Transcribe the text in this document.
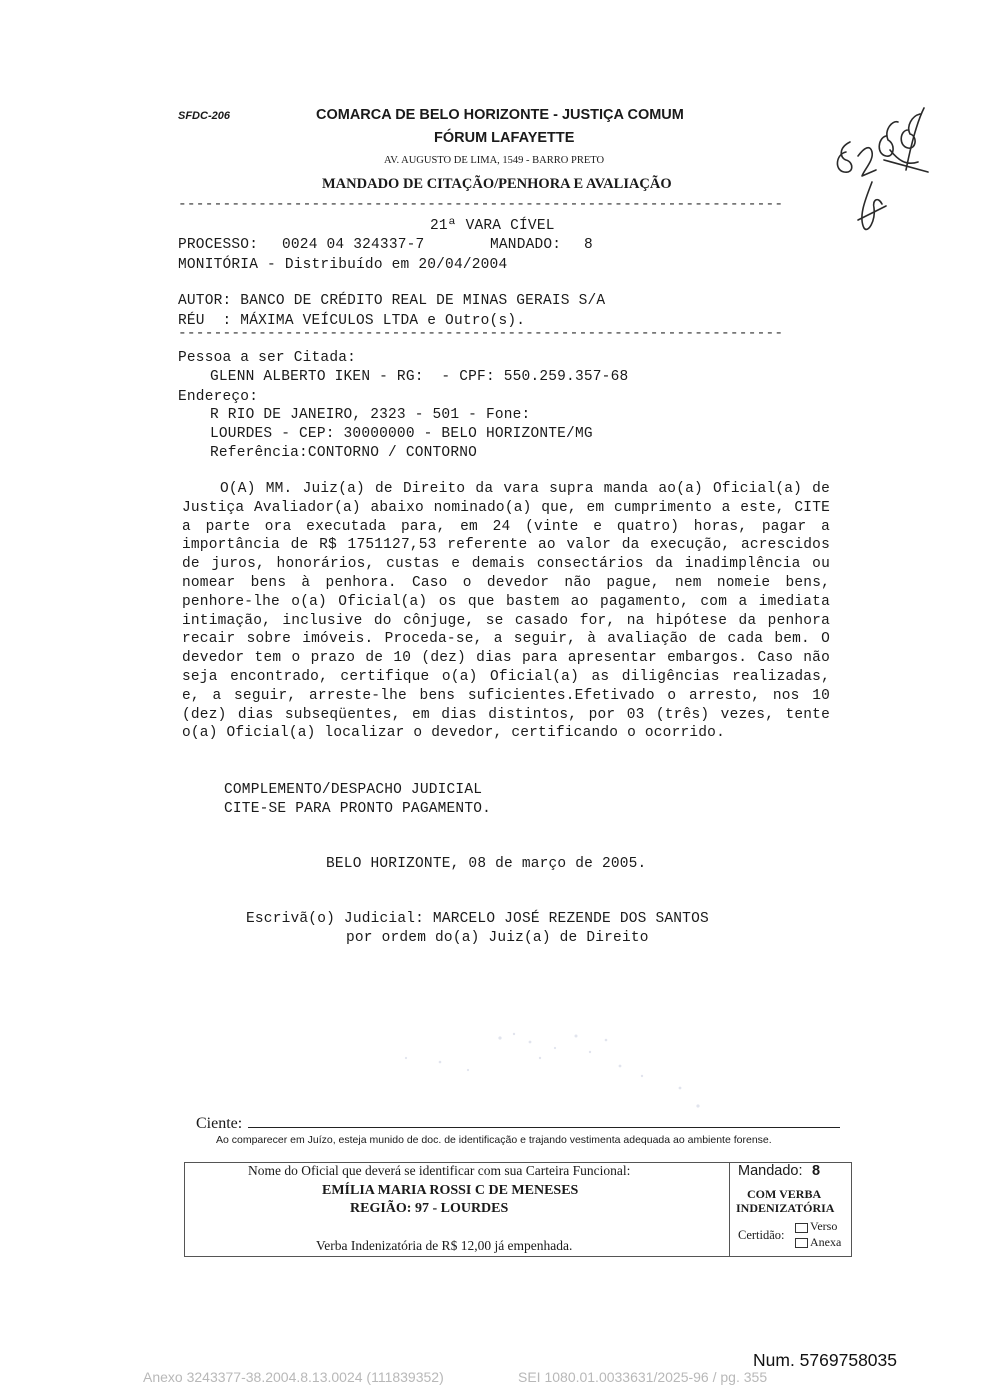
SFDC-206	COMARCA DE BELO HORIZONTE - JUSTIÇA COMUM
FÓRUM LAFAYETTE
AV. AUGUSTO DE LIMA, 1549 - BARRO PRETO
MANDADO DE CITAÇÃO/PENHORA E AVALIAÇÃO
--------------------------------------------------------------------
21ª VARA CÍVEL
PROCESSO: 0024 04 324337-7	MANDADO: 8
MONITÓRIA - Distribuído em 20/04/2004
AUTOR: BANCO DE CRÉDITO REAL DE MINAS GERAIS S/A
RÉU  : MÁXIMA VEÍCULOS LTDA e Outro(s).
--------------------------------------------------------------------
Pessoa a ser Citada:
GLENN ALBERTO IKEN - RG:  - CPF: 550.259.357-68
Endereço:
R RIO DE JANEIRO, 2323 - 501 - Fone:
LOURDES - CEP: 30000000 - BELO HORIZONTE/MG
Referência:CONTORNO / CONTORNO
O(A) MM. Juiz(a) de Direito da vara supra manda ao(a) Oficial(a) de Justiça Avaliador(a) abaixo nominado(a) que, em cumprimento a este, CITE a parte ora executada para, em 24 (vinte e quatro) horas, pagar a importância de R$ 1751127,53 referente ao valor da execução, acrescidos de juros, honorários, custas e demais consectários da inadimplência ou nomear bens à penhora. Caso o devedor não pague, nem nomeie bens, penhore-lhe o(a) Oficial(a) os que bastem ao pagamento, com a imediata intimação, inclusive do cônjuge, se casado for, na hipótese da penhora recair sobre imóveis. Proceda-se, a seguir, à avaliação de cada bem. O devedor tem o prazo de 10 (dez) dias para apresentar embargos. Caso não seja encontrado, certifique o(a) Oficial(a) as diligências realizadas, e, a seguir, arreste-lhe bens suficientes.Efetivado o arresto, nos 10 (dez) dias subseqüentes, em dias distintos, por 03 (três) vezes, tente o(a) Oficial(a) localizar o devedor, certificando o ocorrido.
COMPLEMENTO/DESPACHO JUDICIAL
CITE-SE PARA PRONTO PAGAMENTO.
BELO HORIZONTE, 08 de março de 2005.
Escrivã(o) Judicial: MARCELO JOSÉ REZENDE DOS SANTOS
por ordem do(a) Juiz(a) de Direito
Ciente:
Ao comparecer em Juízo, esteja munido de doc. de identificação e trajando vestimenta adequada ao ambiente forense.
Nome do Oficial que deverá se identificar com sua Carteira Funcional:
EMÍLIA MARIA ROSSI C DE MENESES
REGIÃO: 97 - LOURDES
Verba Indenizatória de R$ 12,00 já empenhada.
Mandado: 8
COM VERBA
INDENIZATÓRIA
Certidão:
Verso
Anexa
Num. 5769758035
Anexo 3243377-38.2004.8.13.0024 (111839352)	SEI 1080.01.0033631/2025-96 / pg. 355
